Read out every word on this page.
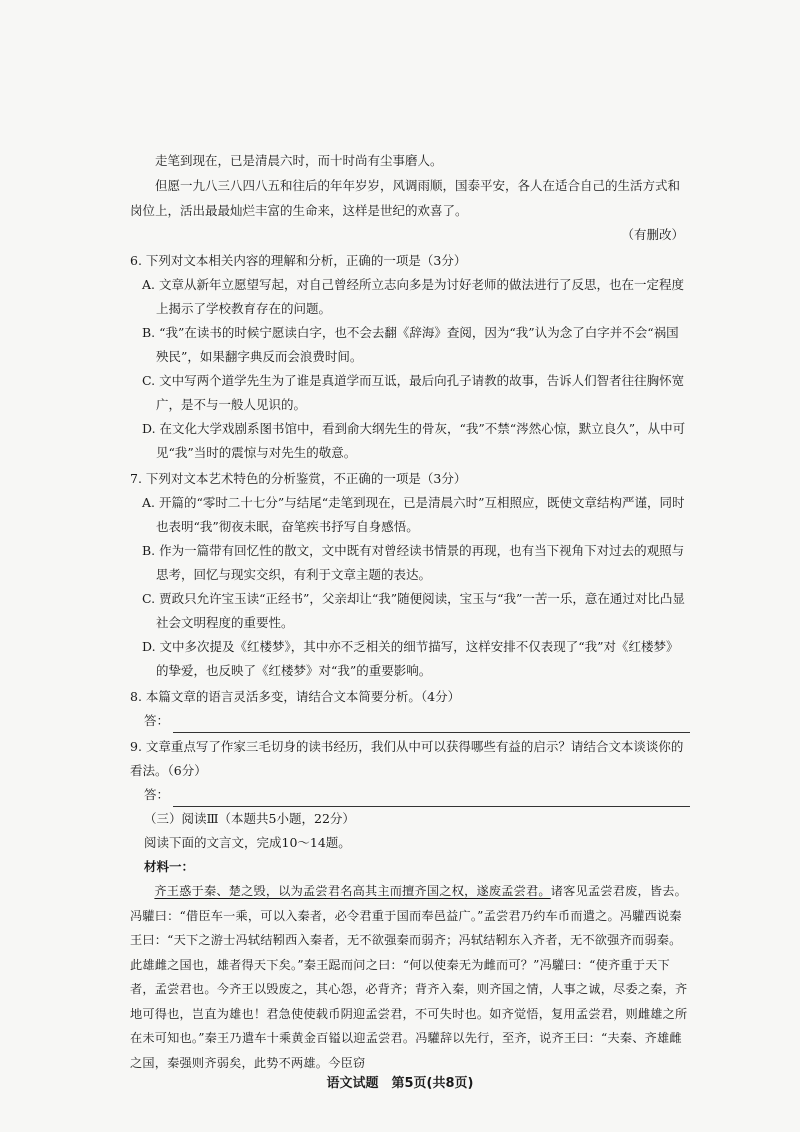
走笔到现在，已是清晨六时，而十时尚有尘事磨人。

但愿一九八三八四八五和往后的年年岁岁，风调雨顺，国泰平安，各人在适合自己的生活方式和岗位上，活出最最灿烂丰富的生命来，这样是世纪的欢喜了。

（有删改）

6. 下列对文本相关内容的理解和分析，正确的一项是（3分）

A. 文章从新年立愿望写起，对自己曾经所立志向多是为讨好老师的做法进行了反思，也在一定程度上揭示了学校教育存在的问题。

B. “我”在读书的时候宁愿读白字，也不会去翻《辞海》查阅，因为“我”认为念了白字并不会“祸国殃民”，如果翻字典反而会浪费时间。

C. 文中写两个道学先生为了谁是真道学而互诋，最后向孔子请教的故事，告诉人们智者往往胸怀宽广，是不与一般人见识的。

D. 在文化大学戏剧系图书馆中，看到俞大纲先生的骨灰，“我”不禁“涔然心惊，默立良久”，从中可见“我”当时的震惊与对先生的敬意。

7. 下列对文本艺术特色的分析鉴赏，不正确的一项是（3分）

A. 开篇的“零时二十七分”与结尾“走笔到现在，已是清晨六时”互相照应，既使文章结构严谨，同时也表明“我”彻夜未眠，奋笔疾书抒写自身感悟。

B. 作为一篇带有回忆性的散文，文中既有对曾经读书情景的再现，也有当下视角下对过去的观照与思考，回忆与现实交织，有利于文章主题的表达。

C. 贾政只允许宝玉读“正经书”，父亲却让“我”随便阅读，宝玉与“我”一苦一乐，意在通过对比凸显社会文明程度的重要性。

D. 文中多次提及《红楼梦》，其中亦不乏相关的细节描写，这样安排不仅表现了“我”对《红楼梦》的挚爱，也反映了《红楼梦》对“我”的重要影响。

8. 本篇文章的语言灵活多变，请结合文本简要分析。（4分）

答：

9. 文章重点写了作家三毛切身的读书经历，我们从中可以获得哪些有益的启示？请结合文本谈谈你的看法。（6分）

答：

（三）阅读Ⅲ（本题共5小题，22分）

阅读下面的文言文，完成10～14题。

材料一：

齐王惑于秦、楚之毁，以为孟尝君名高其主而擅齐国之权，遂废孟尝君。诸客见孟尝君废，皆去。冯驩曰：“借臣车一乘，可以入秦者，必令君重于国而奉邑益广。”孟尝君乃约车币而遣之。冯驩西说秦王曰：“天下之游士冯轼结靷西入秦者，无不欲强秦而弱齐；冯轼结靷东入齐者，无不欲强齐而弱秦。此雄雌之国也，雄者得天下矣。”秦王跽而问之曰：“何以使秦无为雌而可？”冯驩曰：“使齐重于天下者，孟尝君也。今齐王以毁废之，其心怨，必背齐；背齐入秦，则齐国之情，人事之诚，尽委之秦，齐地可得也，岂直为雄也！君急使使载币阴迎孟尝君，不可失时也。如齐觉悟，复用孟尝君，则雌雄之所在未可知也。”秦王乃遣车十乘黄金百镒以迎孟尝君。冯驩辞以先行，至齐，说齐王曰：“夫秦、齐雄雌之国，秦强则齐弱矣，此势不两雄。今臣窃

语文试题　第5页(共8页)
